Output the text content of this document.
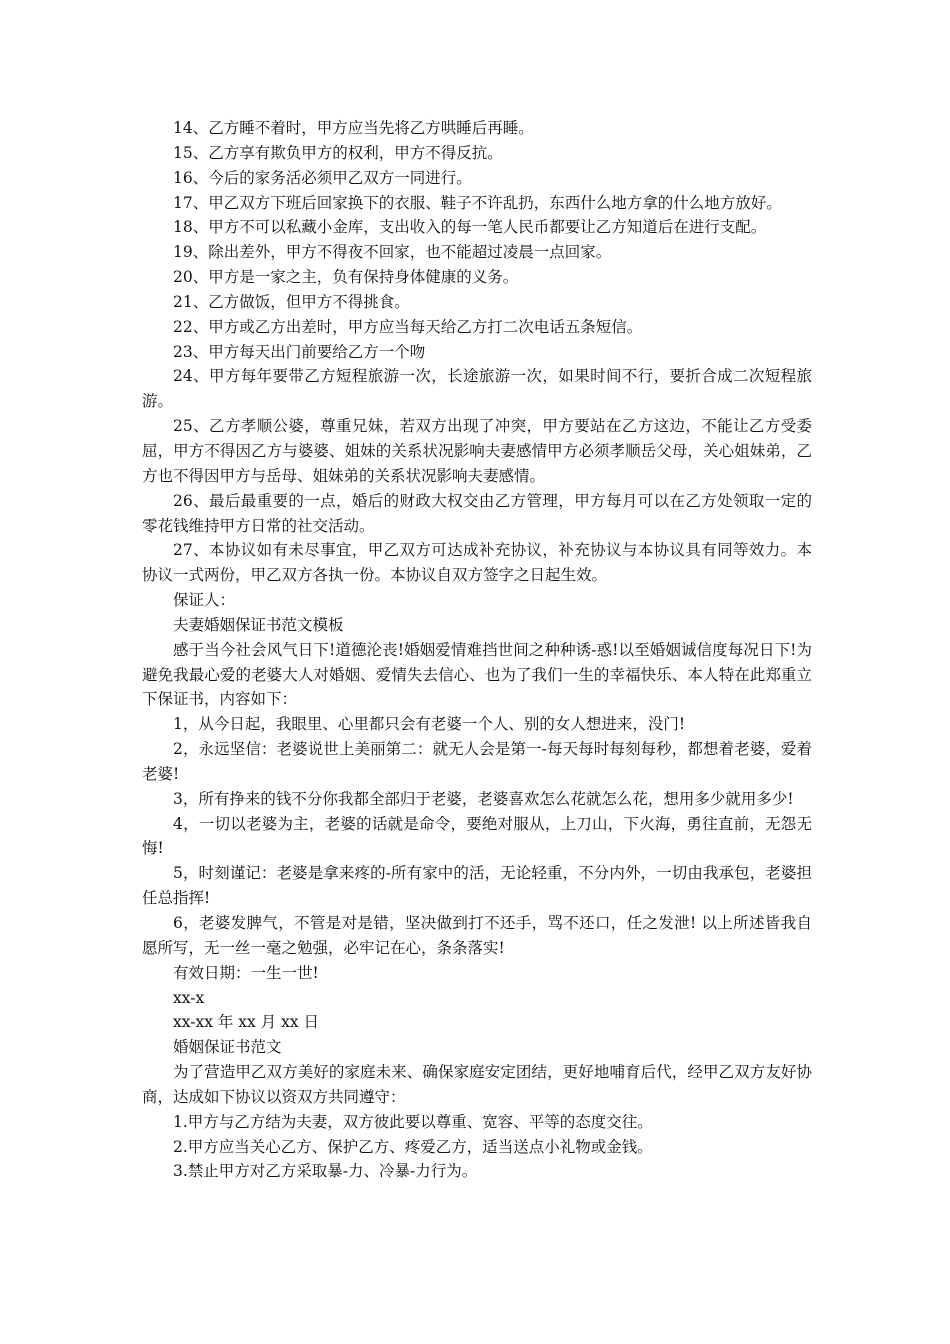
14、乙方睡不着时，甲方应当先将乙方哄睡后再睡。

15、乙方享有欺负甲方的权利，甲方不得反抗。

16、今后的家务活必须甲乙双方一同进行。

17、甲乙双方下班后回家换下的衣服、鞋子不许乱扔，东西什么地方拿的什么地方放好。

18、甲方不可以私藏小金库，支出收入的每一笔人民币都要让乙方知道后在进行支配。

19、除出差外，甲方不得夜不回家，也不能超过凌晨一点回家。

20、甲方是一家之主，负有保持身体健康的义务。

21、乙方做饭，但甲方不得挑食。

22、甲方或乙方出差时，甲方应当每天给乙方打二次电话五条短信。

23、甲方每天出门前要给乙方一个吻

24、甲方每年要带乙方短程旅游一次，长途旅游一次，如果时间不行，要折合成二次短程旅游。

25、乙方孝顺公婆，尊重兄妹，若双方出现了冲突，甲方要站在乙方这边，不能让乙方受委屈，甲方不得因乙方与婆婆、姐妹的关系状况影响夫妻感情甲方必须孝顺岳父母，关心姐妹弟，乙方也不得因甲方与岳母、姐妹弟的关系状况影响夫妻感情。

26、最后最重要的一点，婚后的财政大权交由乙方管理，甲方每月可以在乙方处领取一定的零花钱维持甲方日常的社交活动。

27、本协议如有未尽事宜，甲乙双方可达成补充协议，补充协议与本协议具有同等效力。本协议一式两份，甲乙双方各执一份。本协议自双方签字之日起生效。

保证人：

夫妻婚姻保证书范文模板

感于当今社会风气日下!道德沦丧!婚姻爱情难挡世间之种种诱-惑!以至婚姻诚信度每况日下!为避免我最心爱的老婆大人对婚姻、爱情失去信心、也为了我们一生的幸福快乐、本人特在此郑重立下保证书，内容如下：

1，从今日起，我眼里、心里都只会有老婆一个人、别的女人想进来，没门!

2，永远坚信：老婆说世上美丽第二：就无人会是第一-每天每时每刻每秒，都想着老婆，爱着老婆!

3，所有挣来的钱不分你我都全部归于老婆，老婆喜欢怎么花就怎么花，想用多少就用多少!

4，一切以老婆为主，老婆的话就是命令，要绝对服从，上刀山，下火海，勇往直前，无怨无悔!

5，时刻谨记：老婆是拿来疼的-所有家中的活，无论轻重，不分内外，一切由我承包，老婆担任总指挥!

6，老婆发脾气，不管是对是错，坚决做到打不还手，骂不还口，任之发泄! 以上所述皆我自愿所写，无一丝一毫之勉强，必牢记在心，条条落实!

有效日期：一生一世!

xx-x

xx-xx 年 xx 月 xx 日

婚姻保证书范文

为了营造甲乙双方美好的家庭未来、确保家庭安定团结，更好地哺育后代，经甲乙双方友好协商，达成如下协议以资双方共同遵守：

1.甲方与乙方结为夫妻，双方彼此要以尊重、宽容、平等的态度交往。

2.甲方应当关心乙方、保护乙方、疼爱乙方，适当送点小礼物或金钱。

3.禁止甲方对乙方采取暴-力、冷暴-力行为。
